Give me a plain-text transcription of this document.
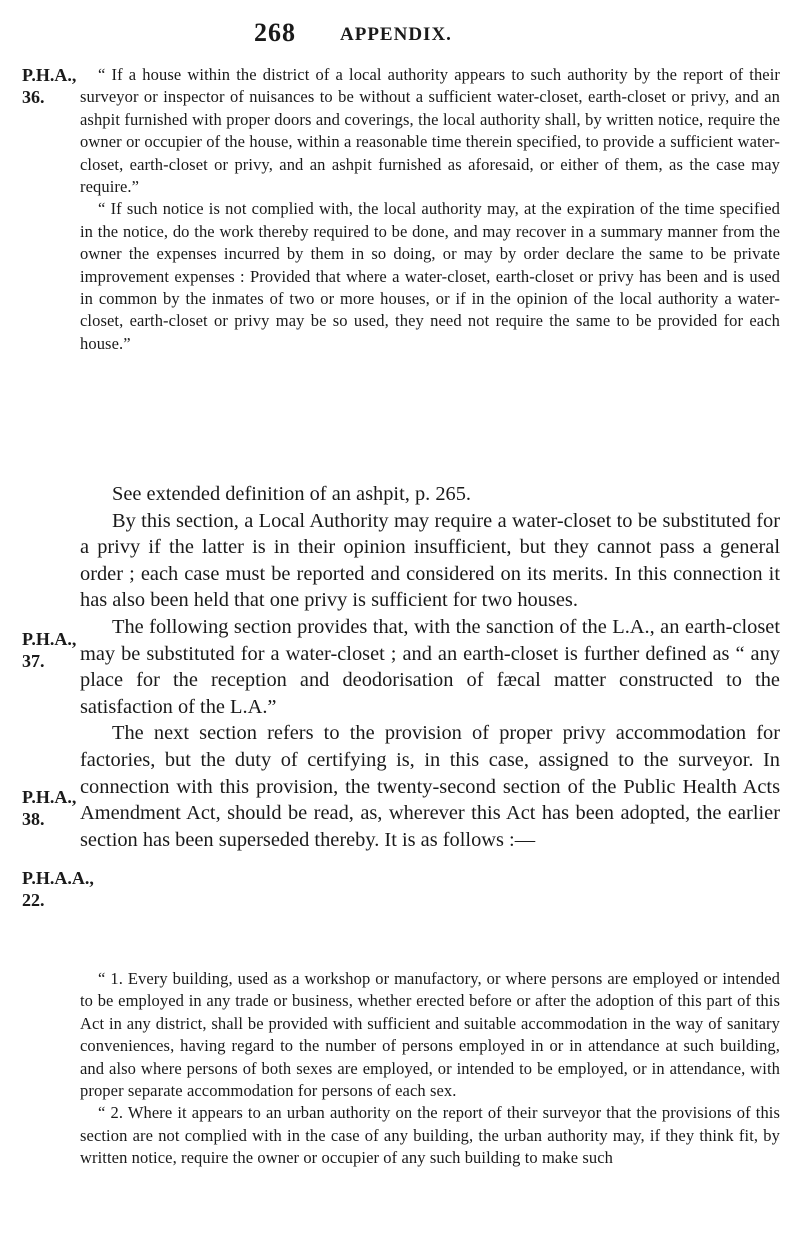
268 APPENDIX.
P.H.A.,
36.
P.H.A.,
37.
P.H.A.,
38.
P.H.A.A.,
22.

“ If a house within the district of a local authority appears to such authority by the report of their surveyor or inspector of nuisances to be without a sufficient water-closet, earth-closet or privy, and an ashpit furnished with proper doors and coverings, the local authority shall, by written notice, require the owner or occupier of the house, within a reasonable time therein specified, to provide a sufficient water-closet, earth-closet or privy, and an ashpit furnished as aforesaid, or either of them, as the case may require.”

“ If such notice is not complied with, the local authority may, at the expiration of the time specified in the notice, do the work thereby required to be done, and may recover in a summary manner from the owner the expenses incurred by them in so doing, or may by order declare the same to be private improvement expenses : Provided that where a water-closet, earth-closet or privy has been and is used in common by the inmates of two or more houses, or if in the opinion of the local authority a water-closet, earth-closet or privy may be so used, they need not require the same to be provided for each house.”

See extended definition of an ashpit, p. 265.

By this section, a Local Authority may require a water-closet to be substituted for a privy if the latter is in their opinion insufficient, but they cannot pass a general order ; each case must be reported and considered on its merits. In this connection it has also been held that one privy is sufficient for two houses.

The following section provides that, with the sanction of the L.A., an earth-closet may be substituted for a water-closet ; and an earth-closet is further defined as “ any place for the reception and deodorisation of fæcal matter constructed to the satisfaction of the L.A.”

The next section refers to the provision of proper privy accommodation for factories, but the duty of certifying is, in this case, assigned to the surveyor. In connection with this provision, the twenty-second section of the Public Health Acts Amendment Act, should be read, as, wherever this Act has been adopted, the earlier section has been superseded thereby. It is as follows :—

“ 1. Every building, used as a workshop or manufactory, or where persons are employed or intended to be employed in any trade or business, whether erected before or after the adoption of this part of this Act in any district, shall be provided with sufficient and suitable accommodation in the way of sanitary conveniences, having regard to the number of persons employed in or in attendance at such building, and also where persons of both sexes are employed, or intended to be employed, or in attendance, with proper separate accommodation for persons of each sex.

“ 2. Where it appears to an urban authority on the report of their surveyor that the provisions of this section are not complied with in the case of any building, the urban authority may, if they think fit, by written notice, require the owner or occupier of any such building to make such
